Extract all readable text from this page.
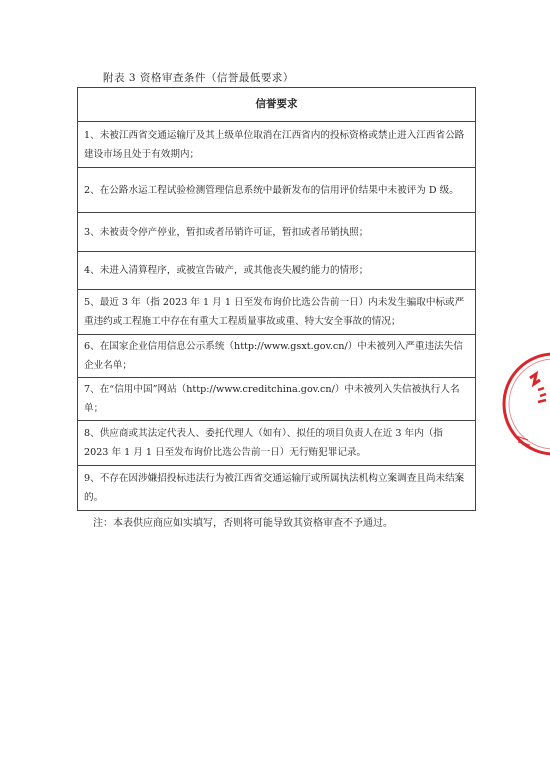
附表 3 资格审查条件（信誉最低要求）
信誉要求
1、未被江西省交通运输厅及其上级单位取消在江西省内的投标资格或禁止进入江西省公路建设市场且处于有效期内；
2、在公路水运工程试验检测管理信息系统中最新发布的信用评价结果中未被评为 D 级。
3、未被责令停产停业，暂扣或者吊销许可证，暂扣或者吊销执照；
4、未进入清算程序，或被宣告破产，或其他丧失履约能力的情形；
5、最近 3 年（指 2023 年 1 月 1 日至发布询价比选公告前一日）内未发生骗取中标或严重违约或工程施工中存在有重大工程质量事故或重、特大安全事故的情况；
6、在国家企业信用信息公示系统（http://www.gsxt.gov.cn/）中未被列入严重违法失信企业名单；
7、在“信用中国”网站（http://www.creditchina.gov.cn/）中未被列入失信被执行人名单；
8、供应商或其法定代表人、委托代理人（如有）、拟任的项目负责人在近 3 年内（指 2023 年 1 月 1 日至发布询价比选公告前一日）无行贿犯罪记录。
9、不存在因涉嫌招投标违法行为被江西省交通运输厅或所属执法机构立案调查且尚未结案的。
注：本表供应商应如实填写，否则将可能导致其资格审查不予通过。
